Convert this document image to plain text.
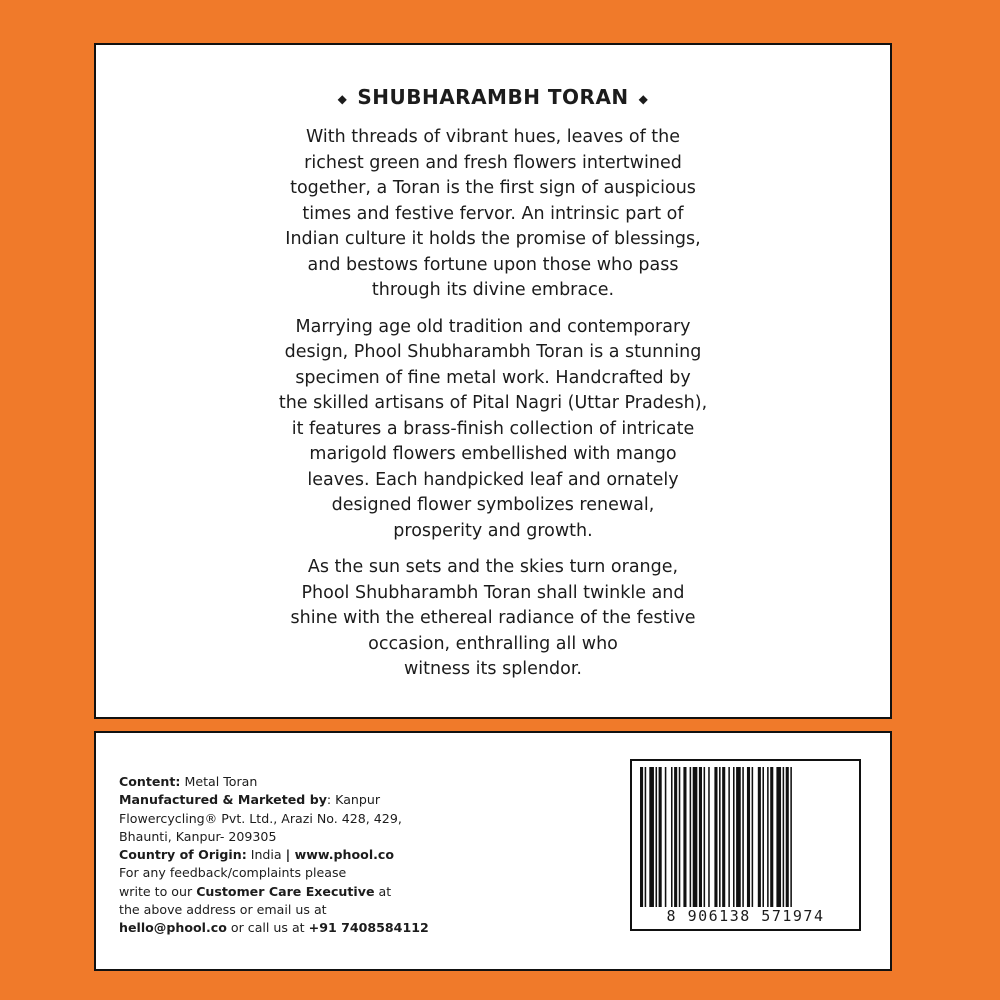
◆ SHUBHARAMBH TORAN ◆
With threads of vibrant hues, leaves of the
richest green and fresh flowers intertwined
together, a Toran is the first sign of auspicious
times and festive fervor. An intrinsic part of
Indian culture it holds the promise of blessings,
and bestows fortune upon those who pass
through its divine embrace.
Marrying age old tradition and contemporary
design, Phool Shubharambh Toran is a stunning
specimen of fine metal work. Handcrafted by
the skilled artisans of Pital Nagri (Uttar Pradesh),
it features a brass-finish collection of intricate
marigold flowers embellished with mango
leaves. Each handpicked leaf and ornately
designed flower symbolizes renewal,
prosperity and growth.
As the sun sets and the skies turn orange,
Phool Shubharambh Toran shall twinkle and
shine with the ethereal radiance of the festive
occasion, enthralling all who
witness its splendor.
Content: Metal Toran
Manufactured & Marketed by: Kanpur
Flowercycling® Pvt. Ltd., Arazi No. 428, 429,
Bhaunti, Kanpur- 209305
Country of Origin: India | www.phool.co
For any feedback/complaints please
write to our Customer Care Executive at
the above address or email us at
hello@phool.co or call us at +91 7408584112
8 906138 571974
